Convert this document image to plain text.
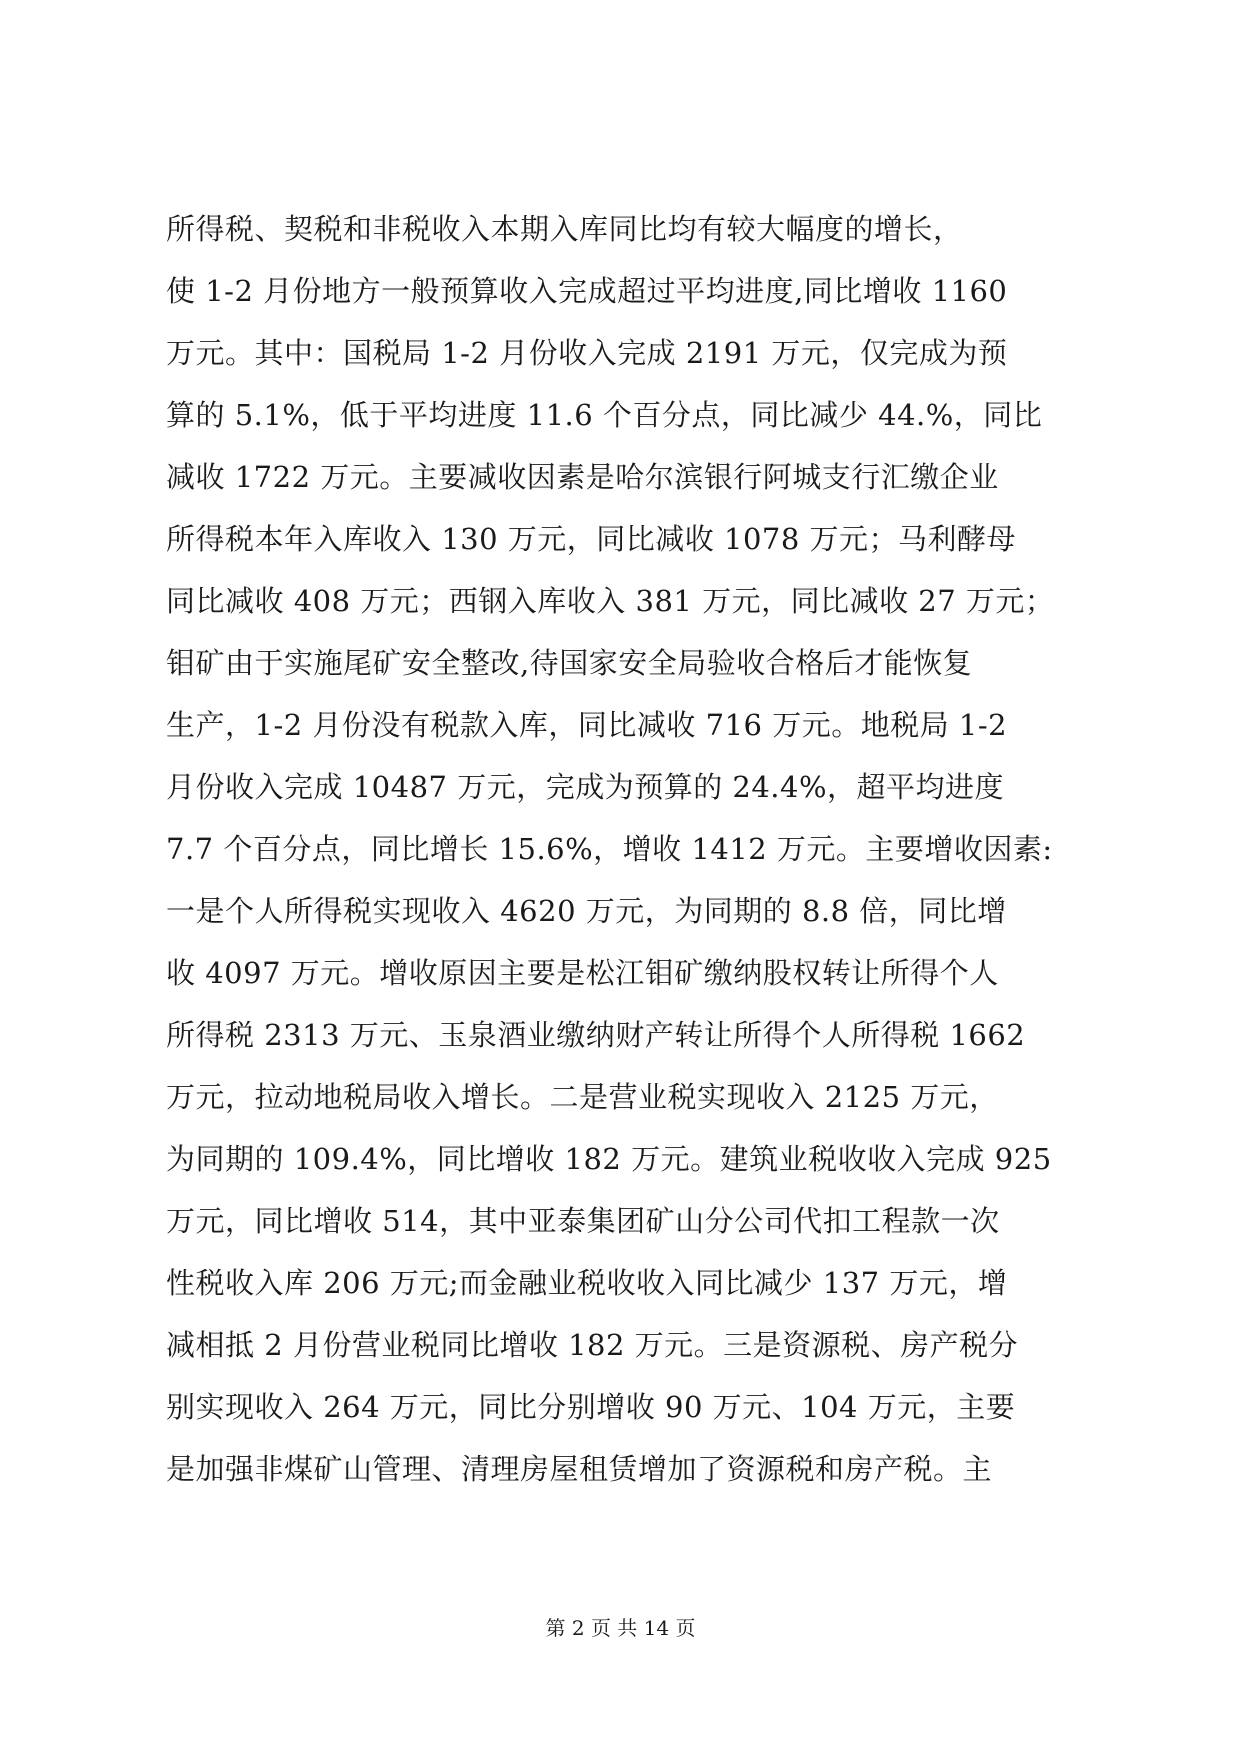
所得税、契税和非税收入本期入库同比均有较大幅度的增长，
使 1-2 月份地方一般预算收入完成超过平均进度,同比增收 1160
万元。其中：国税局 1-2 月份收入完成 2191 万元，仅完成为预
算的 5.1%，低于平均进度 11.6 个百分点，同比减少 44.%，同比
减收 1722 万元。主要减收因素是哈尔滨银行阿城支行汇缴企业
所得税本年入库收入 130 万元，同比减收 1078 万元；马利酵母
同比减收 408 万元；西钢入库收入 381 万元，同比减收 27 万元；
钼矿由于实施尾矿安全整改,待国家安全局验收合格后才能恢复
生产，1-2 月份没有税款入库，同比减收 716 万元。地税局 1-2
月份收入完成 10487 万元，完成为预算的 24.4%，超平均进度
7.7 个百分点，同比增长 15.6%，增收 1412 万元。主要增收因素:
一是个人所得税实现收入 4620 万元，为同期的 8.8 倍，同比增
收 4097 万元。增收原因主要是松江钼矿缴纳股权转让所得个人
所得税 2313 万元、玉泉酒业缴纳财产转让所得个人所得税 1662
万元，拉动地税局收入增长。二是营业税实现收入 2125 万元，
为同期的 109.4%，同比增收 182 万元。建筑业税收收入完成 925
万元，同比增收 514，其中亚泰集团矿山分公司代扣工程款一次
性税收入库 206 万元;而金融业税收收入同比减少 137 万元，增
减相抵 2 月份营业税同比增收 182 万元。三是资源税、房产税分
别实现收入 264 万元，同比分别增收 90 万元、104 万元，主要
是加强非煤矿山管理、清理房屋租赁增加了资源税和房产税。主
第 2 页 共 14 页
